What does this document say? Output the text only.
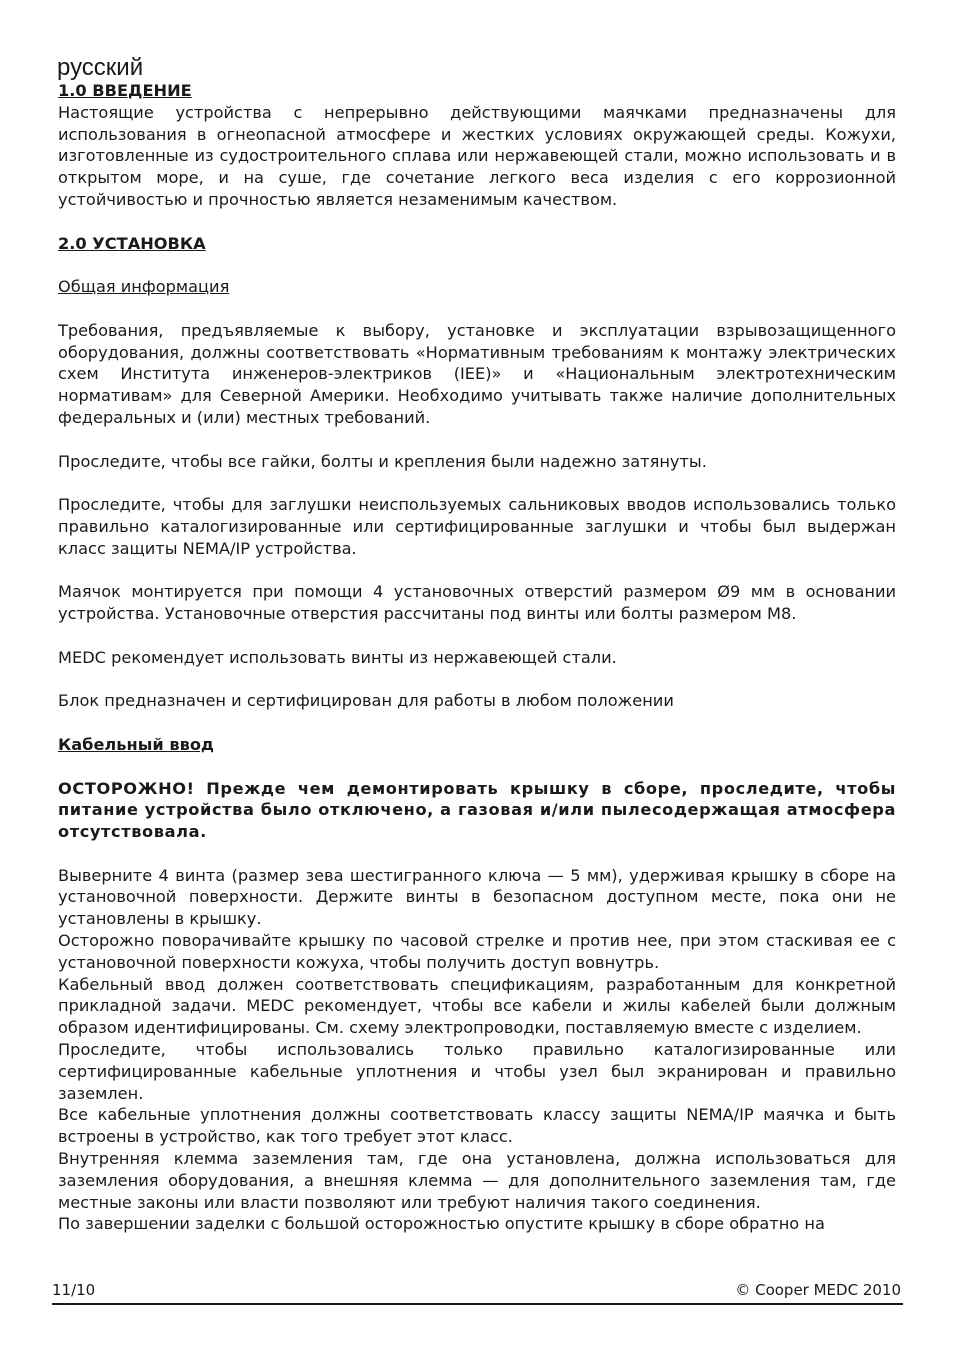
русский

1.0 ВВЕДЕНИЕ

Настоящие устройства с непрерывно действующими маячками предназначены для использования в огнеопасной атмосфере и жестких условиях окружающей среды. Кожухи, изготовленные из судостроительного сплава или нержавеющей стали, можно использовать и в открытом море, и на суше, где сочетание легкого веса изделия с его коррозионной устойчивостью и прочностью является незаменимым качеством.

2.0 УСТАНОВКА

Общая информация

Требования, предъявляемые к выбору, установке и эксплуатации взрывозащищенного оборудования, должны соответствовать «Нормативным требованиям к монтажу электрических схем Института инженеров-электриков (IEE)» и «Национальным электротехническим нормативам» для Северной Америки. Необходимо учитывать также наличие дополнительных федеральных и (или) местных требований.

Проследите, чтобы все гайки, болты и крепления были надежно затянуты.

Проследите, чтобы для заглушки неиспользуемых сальниковых вводов использовались только правильно каталогизированные или сертифицированные заглушки и чтобы был выдержан класс защиты NEMA/IP устройства.

Маячок монтируется при помощи 4 установочных отверстий размером Ø9 мм в основании устройства. Установочные отверстия рассчитаны под винты или болты размером M8.

MEDC рекомендует использовать винты из нержавеющей стали.

Блок предназначен и сертифицирован для работы в любом положении

Кабельный ввод

ОСТОРОЖНО! Прежде чем демонтировать крышку в сборе, проследите, чтобы питание устройства было отключено, а газовая и/или пылесодержащая атмосфера отсутствовала.

Выверните 4 винта (размер зева шестигранного ключа — 5 мм), удерживая крышку в сборе на установочной поверхности. Держите винты в безопасном доступном месте, пока они не установлены в крышку.

Осторожно поворачивайте крышку по часовой стрелке и против нее, при этом стаскивая ее с установочной поверхности кожуха, чтобы получить доступ вовнутрь.

Кабельный ввод должен соответствовать спецификациям, разработанным для конкретной прикладной задачи. MEDC рекомендует, чтобы все кабели и жилы кабелей были должным образом идентифицированы. См. схему электропроводки, поставляемую вместе с изделием.

Проследите, чтобы использовались только правильно каталогизированные или сертифицированные кабельные уплотнения и чтобы узел был экранирован и правильно заземлен.

Все кабельные уплотнения должны соответствовать классу защиты NEMA/IP маячка и быть встроены в устройство, как того требует этот класс.

Внутренняя клемма заземления там, где она установлена, должна использоваться для заземления оборудования, а внешняя клемма — для дополнительного заземления там, где местные законы или власти позволяют или требуют наличия такого соединения.

По завершении заделки с большой осторожностью опустите крышку в сборе обратно на

11/10	© Cooper MEDC 2010
